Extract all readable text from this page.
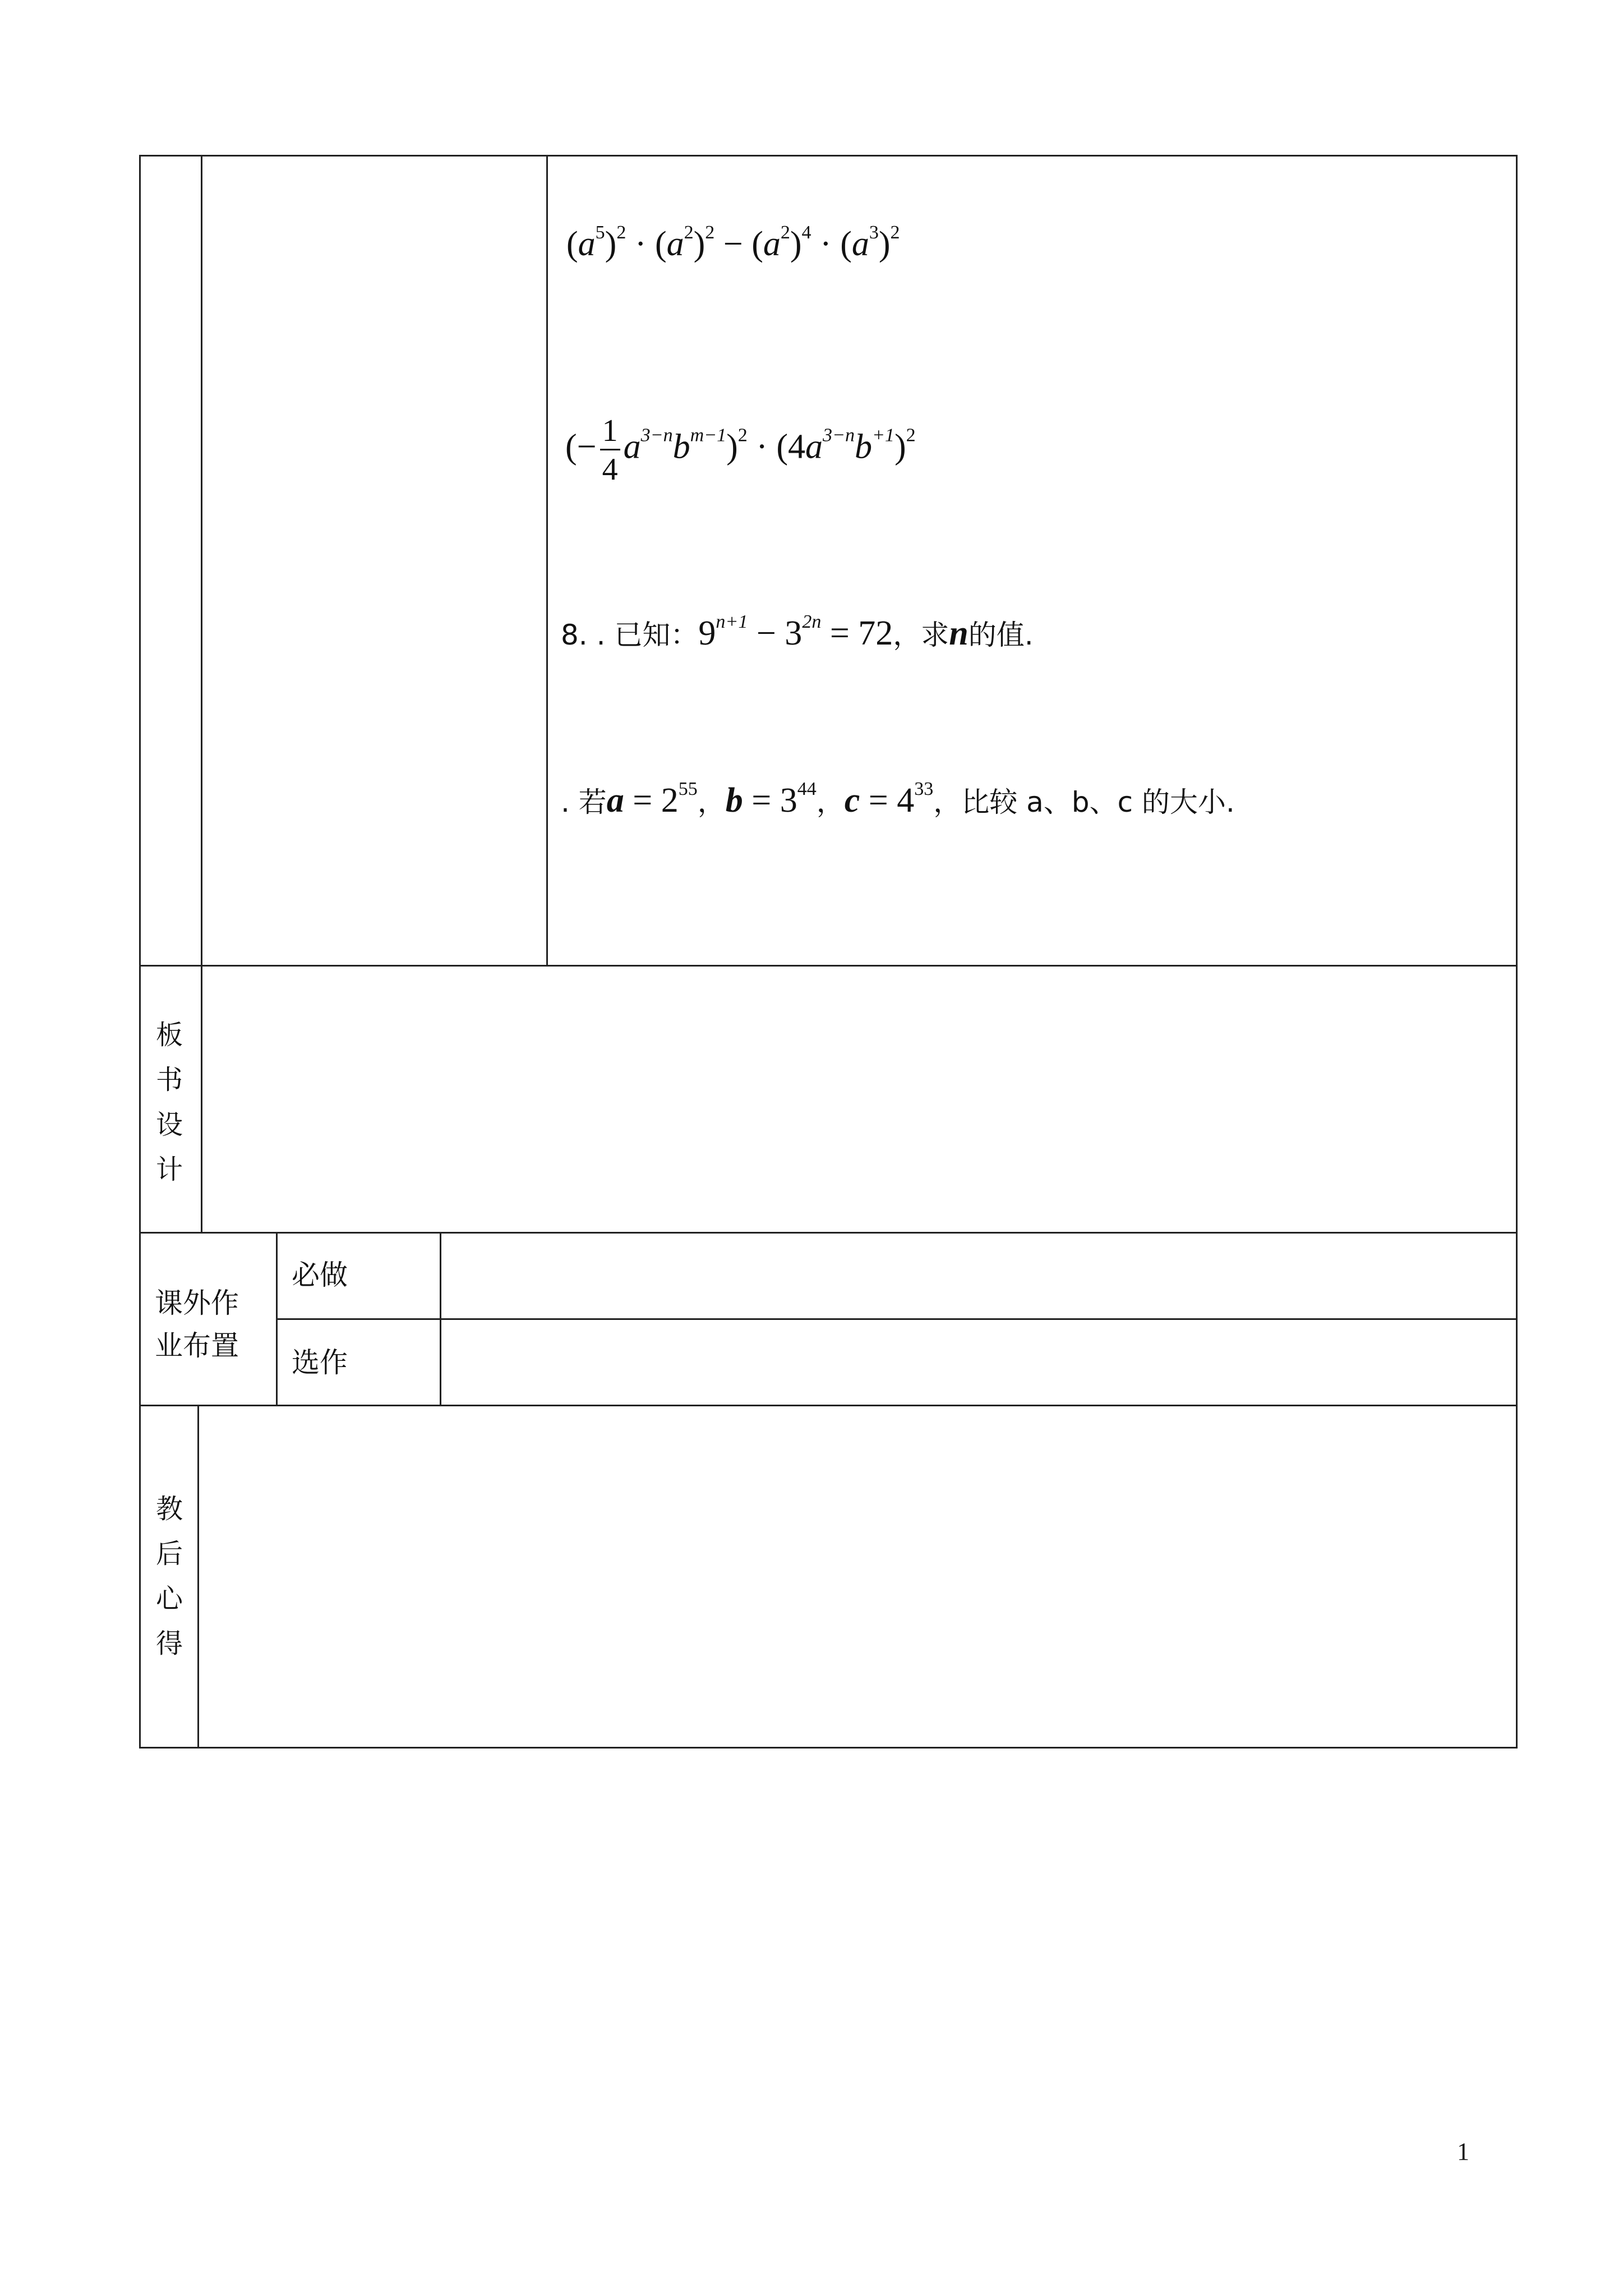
$(a^5)^2 \cdot (a^2)^2 - (a^2)^4 \cdot (a^3)^2$
(− $\frac{1}{4} a^{3-n}b^{m-1})^2 \cdot (4a^{3-n}b^{+1})^2$
8. . 已知：$9^{n+1} - 3^{2n} = 72$，求n的值.
. 若$a = 2^{55}$，$b = 3^{44}$，$c = 4^{33}$，比较 a、b、c 的大小.
板
书
设
计
课外作
业布置
必做
选作
教
后
心
得
1
